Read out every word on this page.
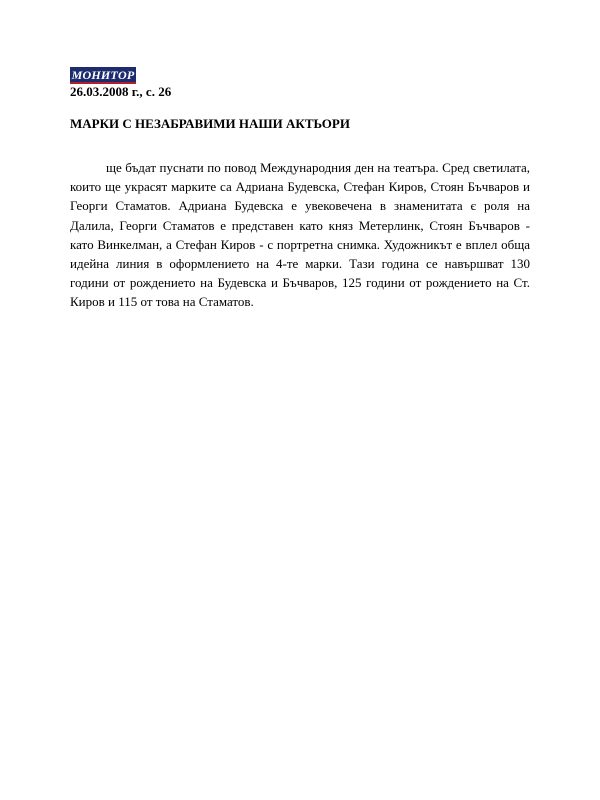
МОНИТОР
26.03.2008 г., с. 26
МАРКИ С НЕЗАБРАВИМИ НАШИ АКТЬОРИ

ще бъдат пуснати по повод Международния ден на театъра. Сред светилата, които ще украсят марките са Адриана Будевска, Стефан Киров, Стоян Бъчваров и Георги Стаматов. Адриана Будевска е увековечена в знаменитата є роля на Далила, Георги Стаматов е представен като княз Метерлинк, Стоян Бъчваров - като Винкелман, а Стефан Киров - с портретна снимка. Художникът е вплел обща идейна линия в оформлението на 4-те марки. Тази година се навършват 130 години от рождението на Будевска и Бъчваров, 125 години от рождението на Ст. Киров и 115 от това на Стаматов.
